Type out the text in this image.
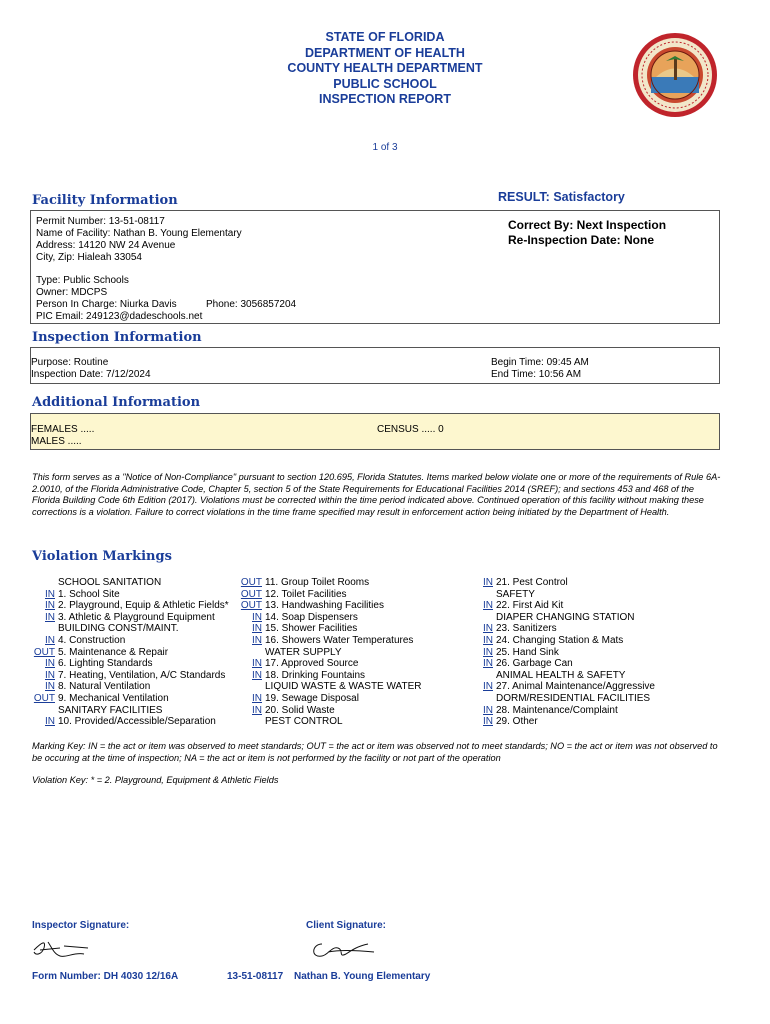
STATE OF FLORIDA
DEPARTMENT OF HEALTH
COUNTY HEALTH DEPARTMENT
PUBLIC SCHOOL
INSPECTION REPORT
1 of 3
Facility Information	RESULT: Satisfactory
Permit Number: 13-51-08117
Name of Facility: Nathan B. Young Elementary
Address: 14120 NW 24 Avenue
City, Zip: Hialeah 33054
Type: Public Schools
Owner: MDCPS
Person In Charge: Niurka Davis	Phone: 3056857204
PIC Email: 249123@dadeschools.net
Correct By: Next Inspection
Re-Inspection Date: None
Inspection Information
Purpose: Routine
Inspection Date: 7/12/2024
Begin Time: 09:45 AM
End Time: 10:56 AM
Additional Information
FEMALES .....
MALES .....
CENSUS ..... 0

This form serves as a "Notice of Non-Compliance" pursuant to section 120.695, Florida Statutes. Items marked below violate one or more of the requirements of Rule 6A-2.0010, of the Florida Administrative Code, Chapter 5, section 5 of the State Requirements for Educational Facilities 2014 (SREF); and sections 453 and 468 of the Florida Building Code 6th Edition (2017). Violations must be corrected within the time period indicated above. Continued operation of this facility without making these corrections is a violation. Failure to correct violations in the time frame specified may result in enforcement action being initiated by the Department of Health.

Violation Markings
SCHOOL SANITATION
IN 1. School Site
IN 2. Playground, Equip & Athletic Fields*
IN 3. Athletic & Playground Equipment
BUILDING CONST/MAINT.
IN 4. Construction
OUT 5. Maintenance & Repair
IN 6. Lighting Standards
IN 7. Heating, Ventilation, A/C Standards
IN 8. Natural Ventilation
OUT 9. Mechanical Ventilation
SANITARY FACILITIES
IN 10. Provided/Accessible/Separation
OUT 11. Group Toilet Rooms
OUT 12. Toilet Facilities
OUT 13. Handwashing Facilities
IN 14. Soap Dispensers
IN 15. Shower Facilities
IN 16. Showers Water Temperatures
WATER SUPPLY
IN 17. Approved Source
IN 18. Drinking Fountains
LIQUID WASTE & WASTE WATER
IN 19. Sewage Disposal
IN 20. Solid Waste
PEST CONTROL
IN 21. Pest Control
SAFETY
IN 22. First Aid Kit
DIAPER CHANGING STATION
IN 23. Sanitizers
IN 24. Changing Station & Mats
IN 25. Hand Sink
IN 26. Garbage Can
ANIMAL HEALTH & SAFETY
IN 27. Animal Maintenance/Aggressive
DORM/RESIDENTIAL FACILITIES
IN 28. Maintenance/Complaint
IN 29. Other
Marking Key: IN = the act or item was observed to meet standards; OUT = the act or item was observed not to meet standards; NO = the act or item was not observed to be occuring at the time of inspection; NA = the act or item is not performed by the facility or not part of the operation
Violation Key: * = 2. Playground, Equipment & Athletic Fields
Inspector Signature:	Client Signature:
Form Number: DH 4030 12/16A	13-51-08117 Nathan B. Young Elementary
